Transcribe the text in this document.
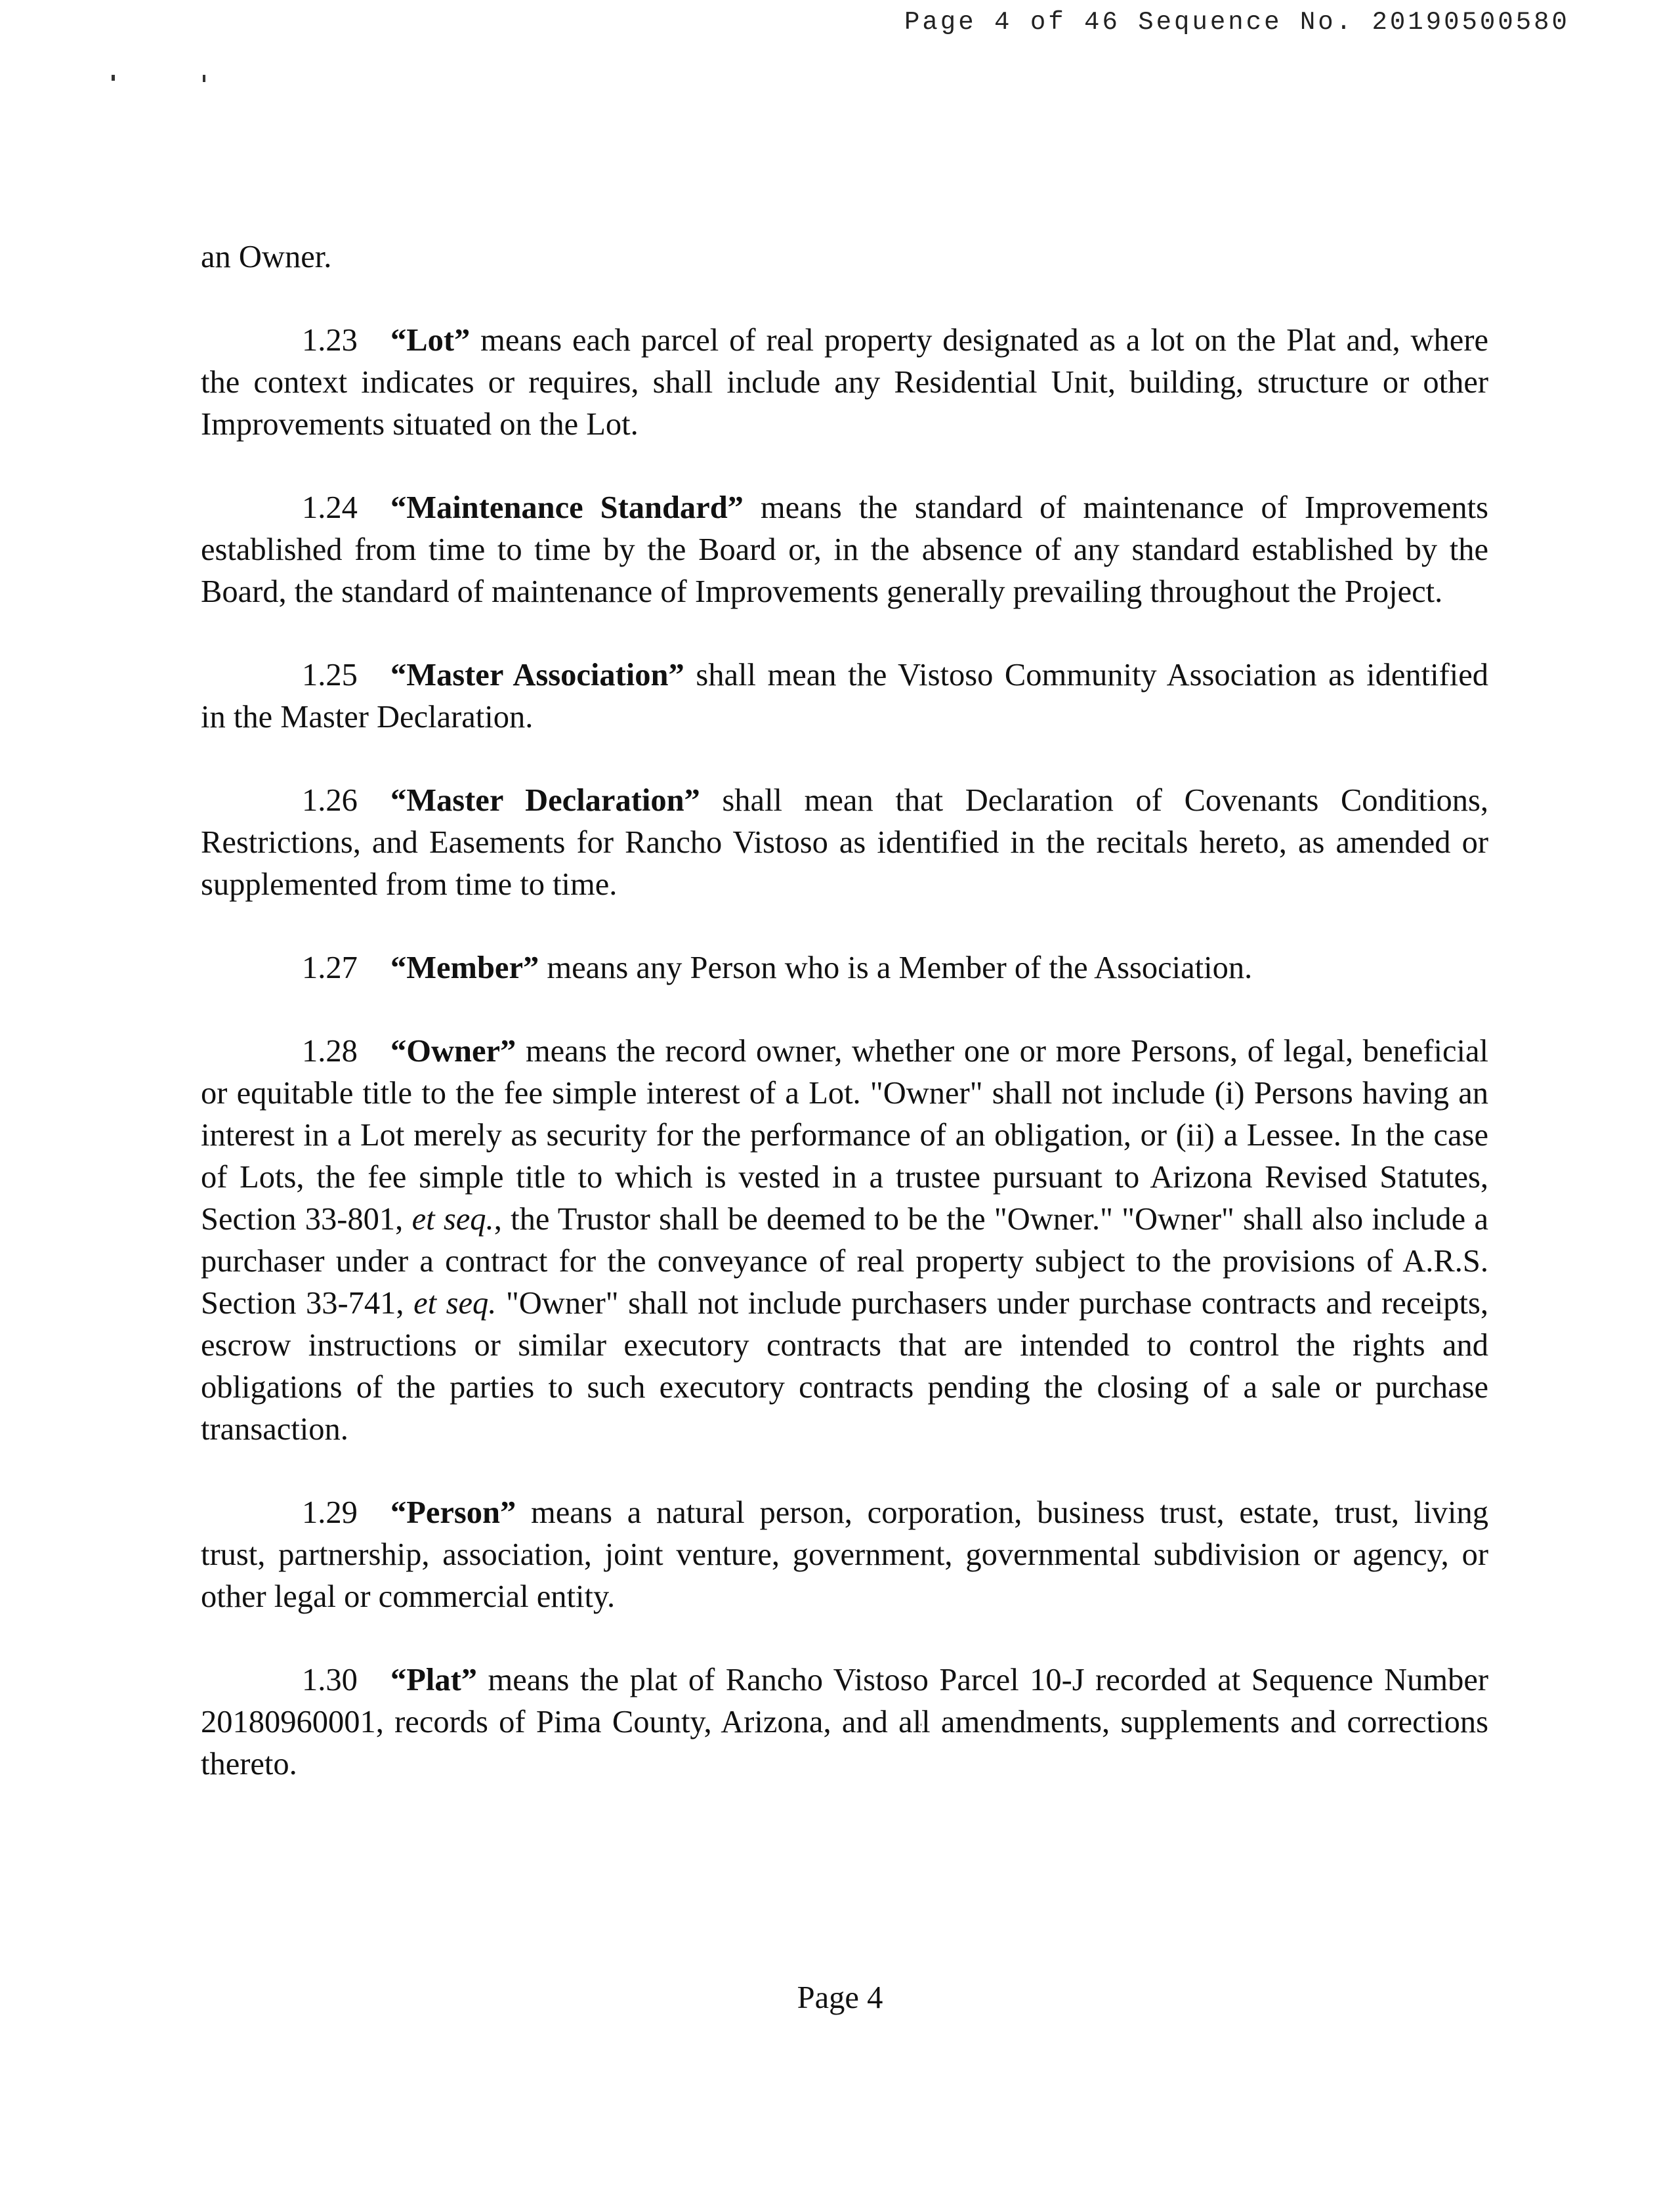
Page 4 of 46 Sequence No. 20190500580

an Owner.

1.23 “Lot” means each parcel of real property designated as a lot on the Plat and, where the context indicates or requires, shall include any Residential Unit, building, structure or other Improvements situated on the Lot.

1.24 “Maintenance Standard” means the standard of maintenance of Improvements established from time to time by the Board or, in the absence of any standard established by the Board, the standard of maintenance of Improvements generally prevailing throughout the Project.

1.25 “Master Association” shall mean the Vistoso Community Association as identified in the Master Declaration.

1.26 “Master Declaration” shall mean that Declaration of Covenants Conditions, Restrictions, and Easements for Rancho Vistoso as identified in the recitals hereto, as amended or supplemented from time to time.

1.27 “Member” means any Person who is a Member of the Association.

1.28 “Owner” means the record owner, whether one or more Persons, of legal, beneficial or equitable title to the fee simple interest of a Lot. "Owner" shall not include (i) Persons having an interest in a Lot merely as security for the performance of an obligation, or (ii) a Lessee. In the case of Lots, the fee simple title to which is vested in a trustee pursuant to Arizona Revised Statutes, Section 33-801, et seq., the Trustor shall be deemed to be the "Owner." "Owner" shall also include a purchaser under a contract for the conveyance of real property subject to the provisions of A.R.S. Section 33-741, et seq. "Owner" shall not include purchasers under purchase contracts and receipts, escrow instructions or similar executory contracts that are intended to control the rights and obligations of the parties to such executory contracts pending the closing of a sale or purchase transaction.

1.29 “Person” means a natural person, corporation, business trust, estate, trust, living trust, partnership, association, joint venture, government, governmental subdivision or agency, or other legal or commercial entity.

1.30 “Plat” means the plat of Rancho Vistoso Parcel 10-J recorded at Sequence Number 20180960001, records of Pima County, Arizona, and all amendments, supplements and corrections thereto.

Page 4
